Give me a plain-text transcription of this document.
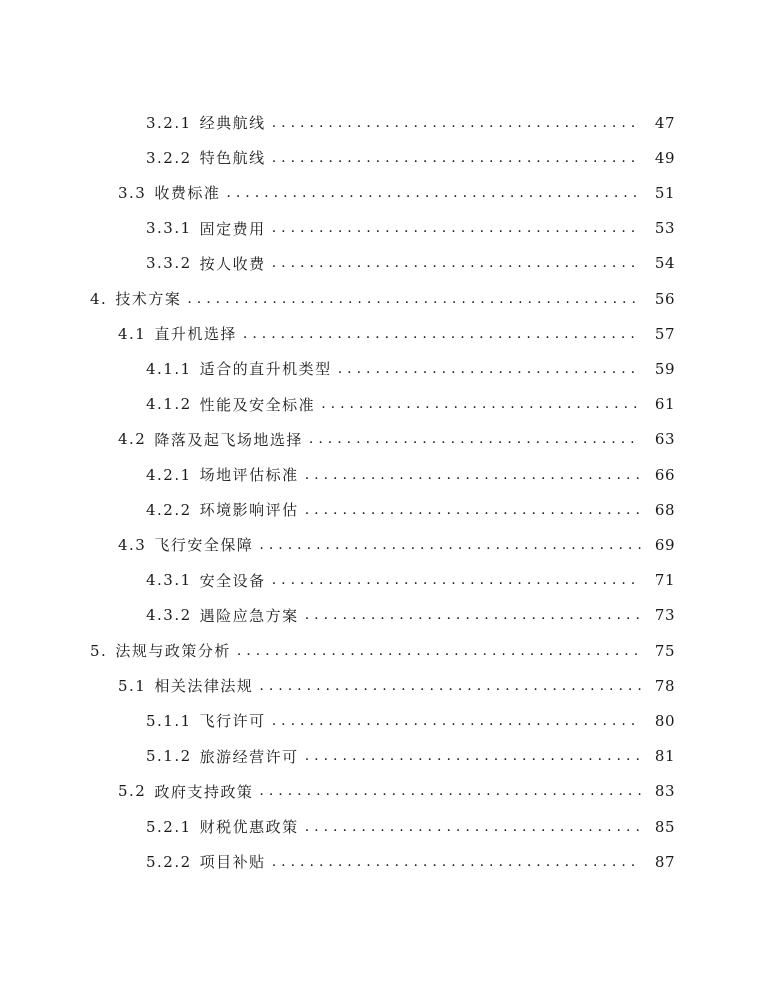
3.2.1 经典航线 .....	47
3.2.2 特色航线 .....	49
3.3 收费标准 .....	51
3.3.1 固定费用 .....	53
3.3.2 按人收费 .....	54
4. 技术方案 .....	56
4.1 直升机选择 .....	57
4.1.1 适合的直升机类型 .....	59
4.1.2 性能及安全标准 .....	61
4.2 降落及起飞场地选择 .....	63
4.2.1 场地评估标准 .....	66
4.2.2 环境影响评估 .....	68
4.3 飞行安全保障 .....	69
4.3.1 安全设备 .....	71
4.3.2 遇险应急方案 .....	73
5. 法规与政策分析 .....	75
5.1 相关法律法规 .....	78
5.1.1 飞行许可 .....	80
5.1.2 旅游经营许可 .....	81
5.2 政府支持政策 .....	83
5.2.1 财税优惠政策 .....	85
5.2.2 项目补贴 .....	87
